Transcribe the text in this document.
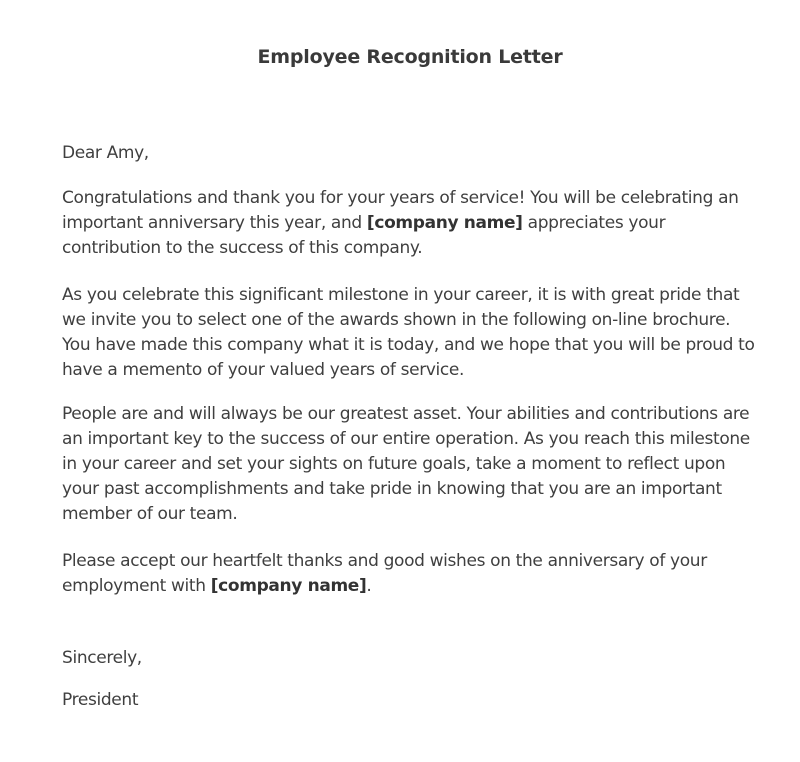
Employee Recognition Letter

Dear Amy,

Congratulations and thank you for your years of service! You will be celebrating an important anniversary this year, and [company name] appreciates your contribution to the success of this company.

As you celebrate this significant milestone in your career, it is with great pride that we invite you to select one of the awards shown in the following on-line brochure. You have made this company what it is today, and we hope that you will be proud to have a memento of your valued years of service.

People are and will always be our greatest asset. Your abilities and contributions are an important key to the success of our entire operation. As you reach this milestone in your career and set your sights on future goals, take a moment to reflect upon your past accomplishments and take pride in knowing that you are an important member of our team.

Please accept our heartfelt thanks and good wishes on the anniversary of your employment with [company name].

Sincerely,

President
